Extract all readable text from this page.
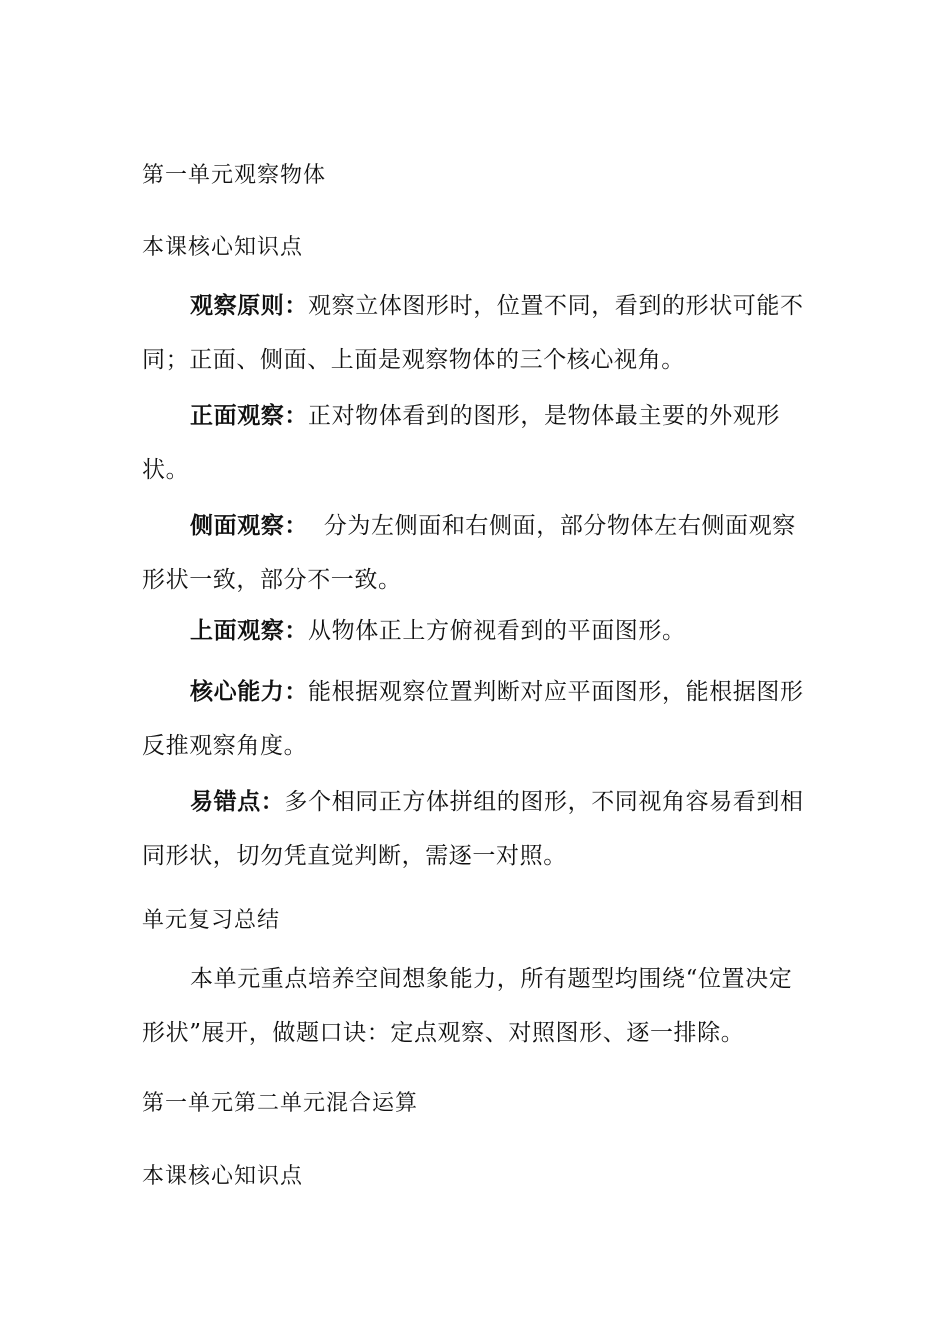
第一单元观察物体
本课核心知识点

观察原则：观察立体图形时，位置不同，看到的形状可能不同；正面、侧面、上面是观察物体的三个核心视角。

正面观察：正对物体看到的图形，是物体最主要的外观形状。

侧面观察：  分为左侧面和右侧面，部分物体左右侧面观察  形状一致，部分不一致。

上面观察：从物体正上方俯视看到的平面图形。

核心能力：能根据观察位置判断对应平面图形，能根据图形反推观察角度。

易错点：多个相同正方体拼组的图形，不同视角容易看到相同形状，切勿凭直觉判断，需逐一对照。

单元复习总结

本单元重点培养空间想象能力，所有题型均围绕“位置决定形状”展开，做题口诀：定点观察、对照图形、逐一排除。

第一单元第二单元混合运算
本课核心知识点
